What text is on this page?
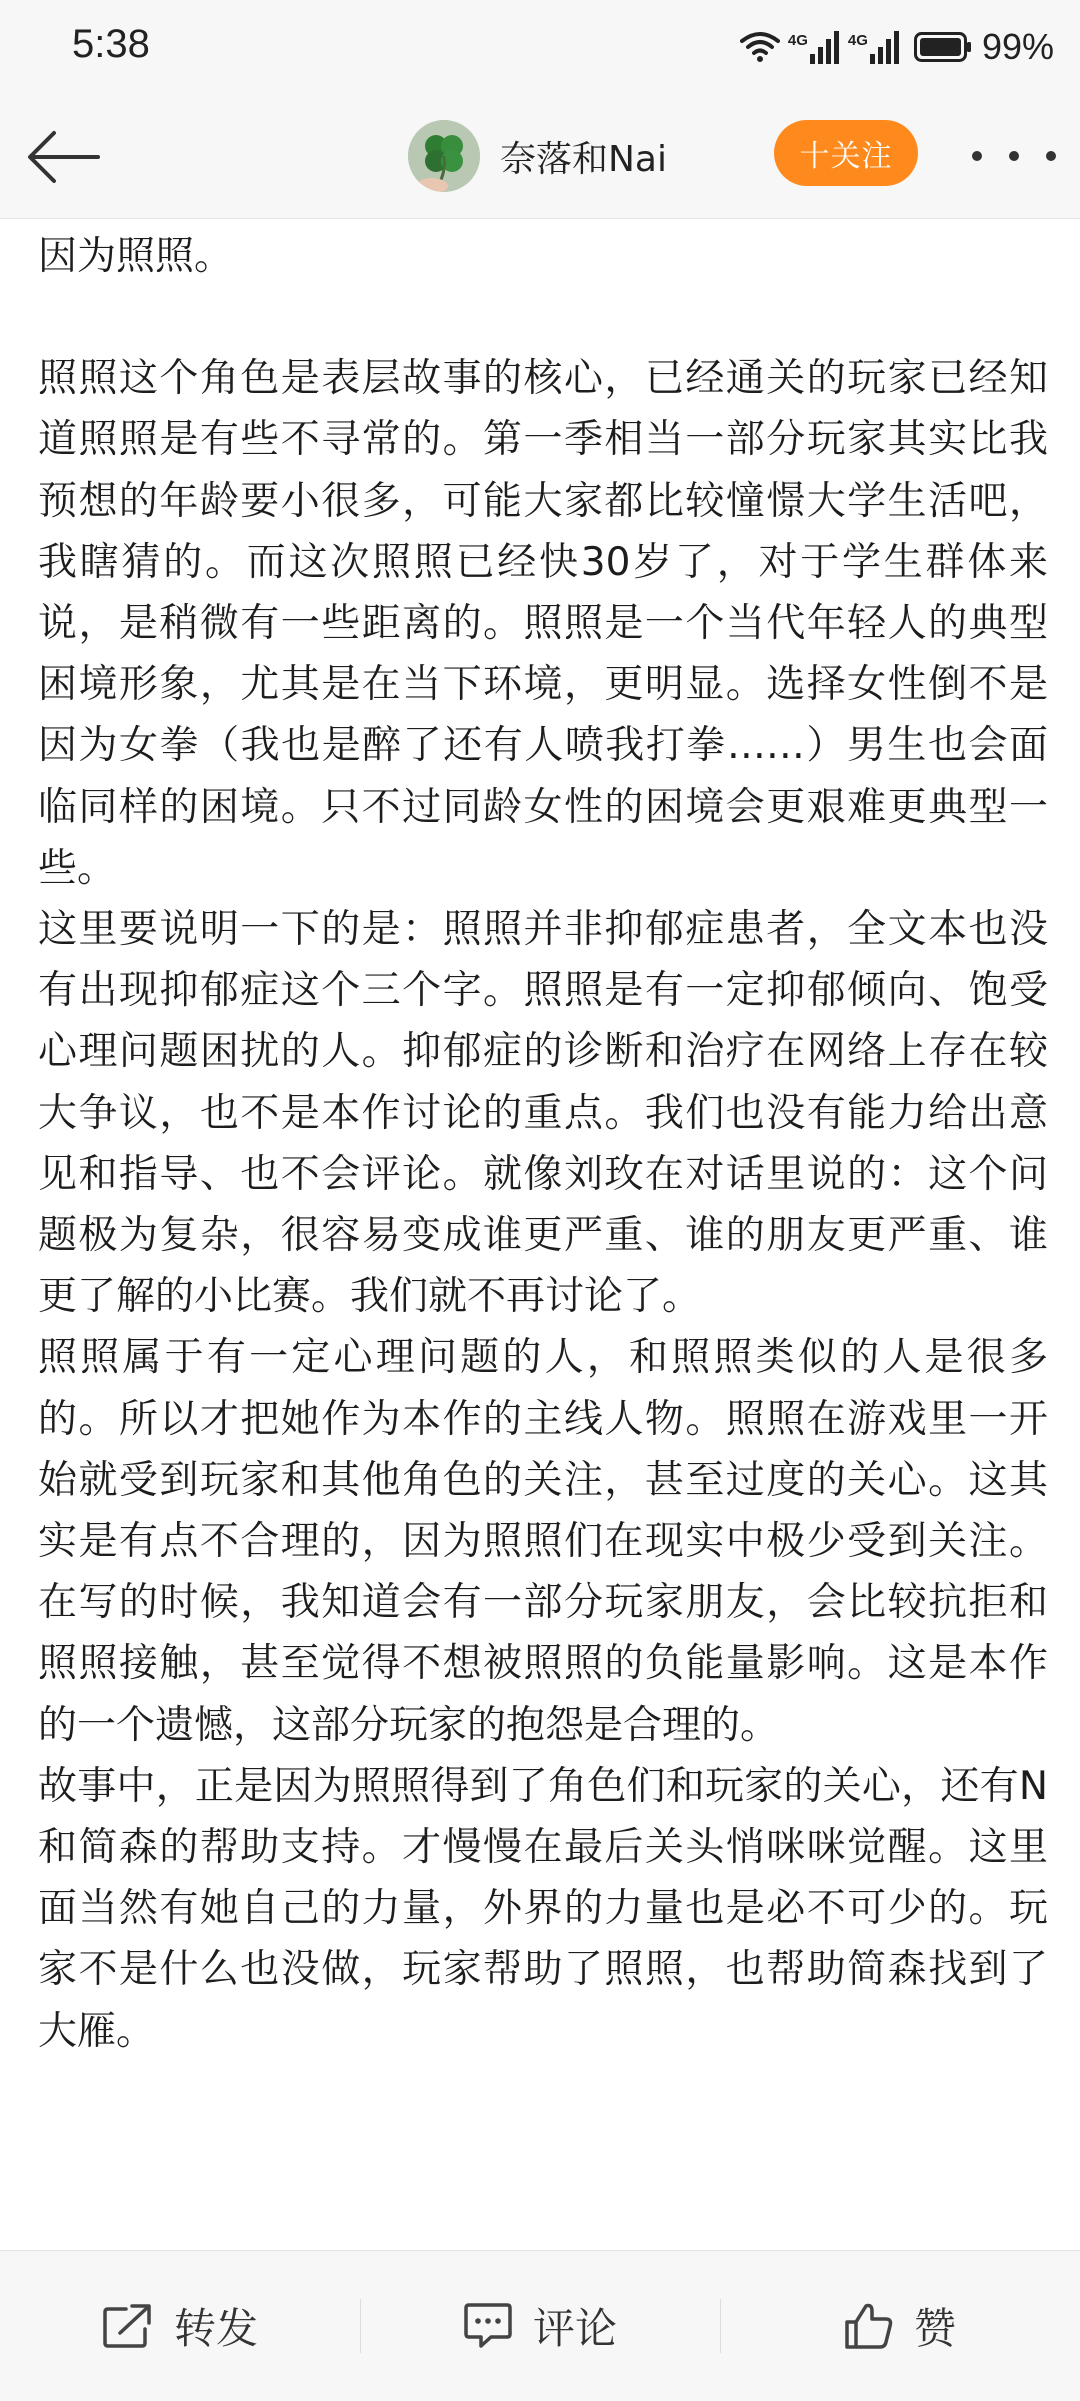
5:38	4G	4G	99%
奈落和Nai	十关注

因为照照。

照照这个角色是表层故事的核心，已经通关的玩家已经知道照照是有些不寻常的。第一季相当一部分玩家其实比我预想的年龄要小很多，可能大家都比较憧憬大学生活吧，我瞎猜的。而这次照照已经快30岁了，对于学生群体来说，是稍微有一些距离的。照照是一个当代年轻人的典型困境形象，尤其是在当下环境，更明显。选择女性倒不是因为女拳（我也是醉了还有人喷我打拳……）男生也会面临同样的困境。只不过同龄女性的困境会更艰难更典型一些。

这里要说明一下的是：照照并非抑郁症患者，全文本也没有出现抑郁症这个三个字。照照是有一定抑郁倾向、饱受心理问题困扰的人。抑郁症的诊断和治疗在网络上存在较大争议，也不是本作讨论的重点。我们也没有能力给出意见和指导、也不会评论。就像刘玫在对话里说的：这个问题极为复杂，很容易变成谁更严重、谁的朋友更严重、谁更了解的小比赛。我们就不再讨论了。

照照属于有一定心理问题的人，和照照类似的人是很多的。所以才把她作为本作的主线人物。照照在游戏里一开始就受到玩家和其他角色的关注，甚至过度的关心。这其实是有点不合理的，因为照照们在现实中极少受到关注。在写的时候，我知道会有一部分玩家朋友，会比较抗拒和照照接触，甚至觉得不想被照照的负能量影响。这是本作的一个遗憾，这部分玩家的抱怨是合理的。

故事中，正是因为照照得到了角色们和玩家的关心，还有N和简森的帮助支持。才慢慢在最后关头悄咪咪觉醒。这里面当然有她自己的力量，外界的力量也是必不可少的。玩家不是什么也没做，玩家帮助了照照，也帮助简森找到了大雁。

转发	评论	赞
